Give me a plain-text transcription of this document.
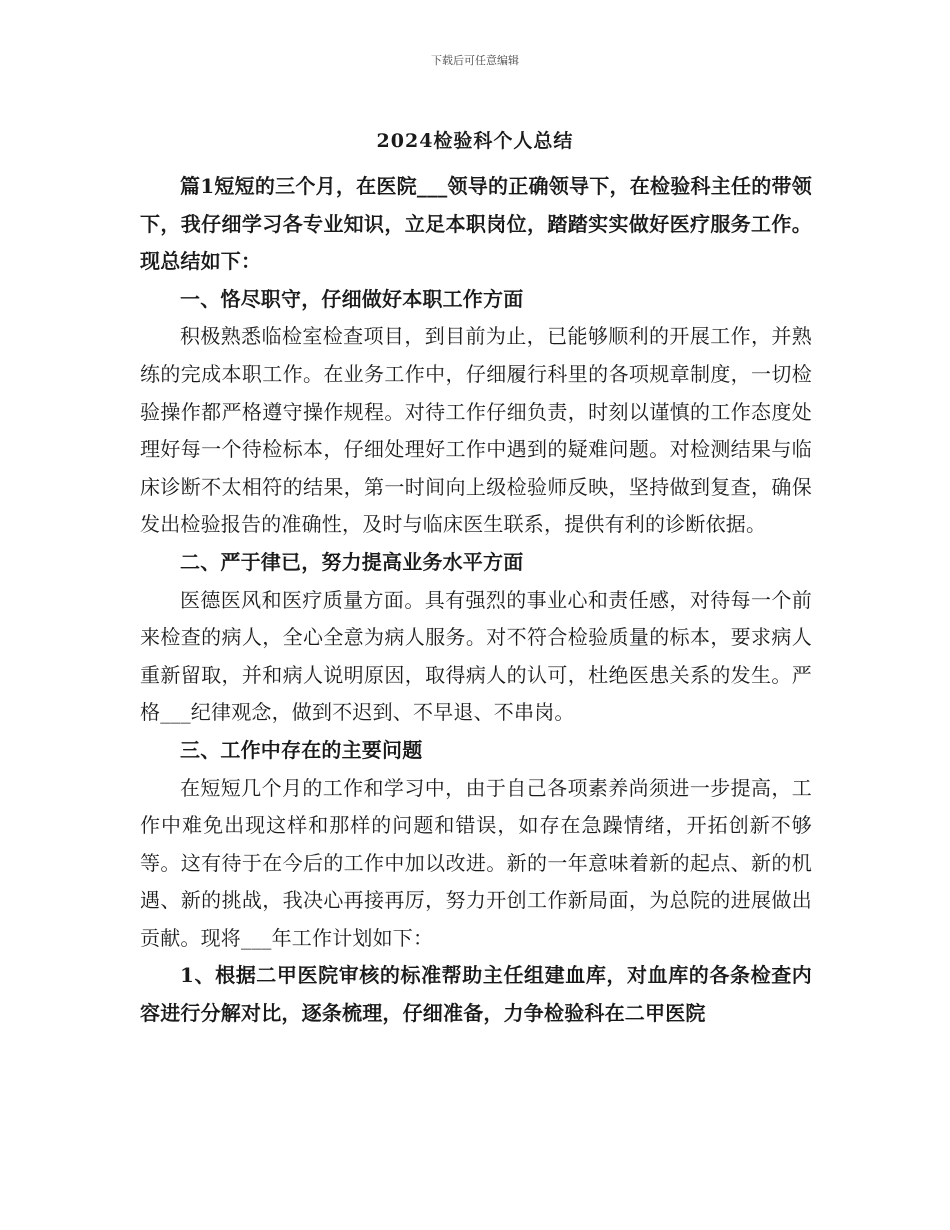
下载后可任意编辑
2024检验科个人总结

篇1短短的三个月，在医院___领导的正确领导下，在检验科主任的带领下，我仔细学习各专业知识，立足本职岗位，踏踏实实做好医疗服务工作。现总结如下：

一、恪尽职守，仔细做好本职工作方面

积极熟悉临检室检查项目，到目前为止，已能够顺利的开展工作，并熟练的完成本职工作。在业务工作中，仔细履行科里的各项规章制度，一切检验操作都严格遵守操作规程。对待工作仔细负责，时刻以谨慎的工作态度处理好每一个待检标本，仔细处理好工作中遇到的疑难问题。对检测结果与临床诊断不太相符的结果，第一时间向上级检验师反映，坚持做到复查，确保发出检验报告的准确性，及时与临床医生联系，提供有利的诊断依据。

二、严于律已，努力提高业务水平方面

医德医风和医疗质量方面。具有强烈的事业心和责任感，对待每一个前来检查的病人，全心全意为病人服务。对不符合检验质量的标本，要求病人重新留取，并和病人说明原因，取得病人的认可，杜绝医患关系的发生。严格___纪律观念，做到不迟到、不早退、不串岗。

三、工作中存在的主要问题

在短短几个月的工作和学习中，由于自己各项素养尚须进一步提高，工作中难免出现这样和那样的问题和错误，如存在急躁情绪，开拓创新不够等。这有待于在今后的工作中加以改进。新的一年意味着新的起点、新的机遇、新的挑战，我决心再接再厉，努力开创工作新局面，为总院的进展做出贡献。现将___年工作计划如下：

1、根据二甲医院审核的标准帮助主任组建血库，对血库的各条检查内容进行分解对比，逐条梳理，仔细准备，力争检验科在二甲医院
